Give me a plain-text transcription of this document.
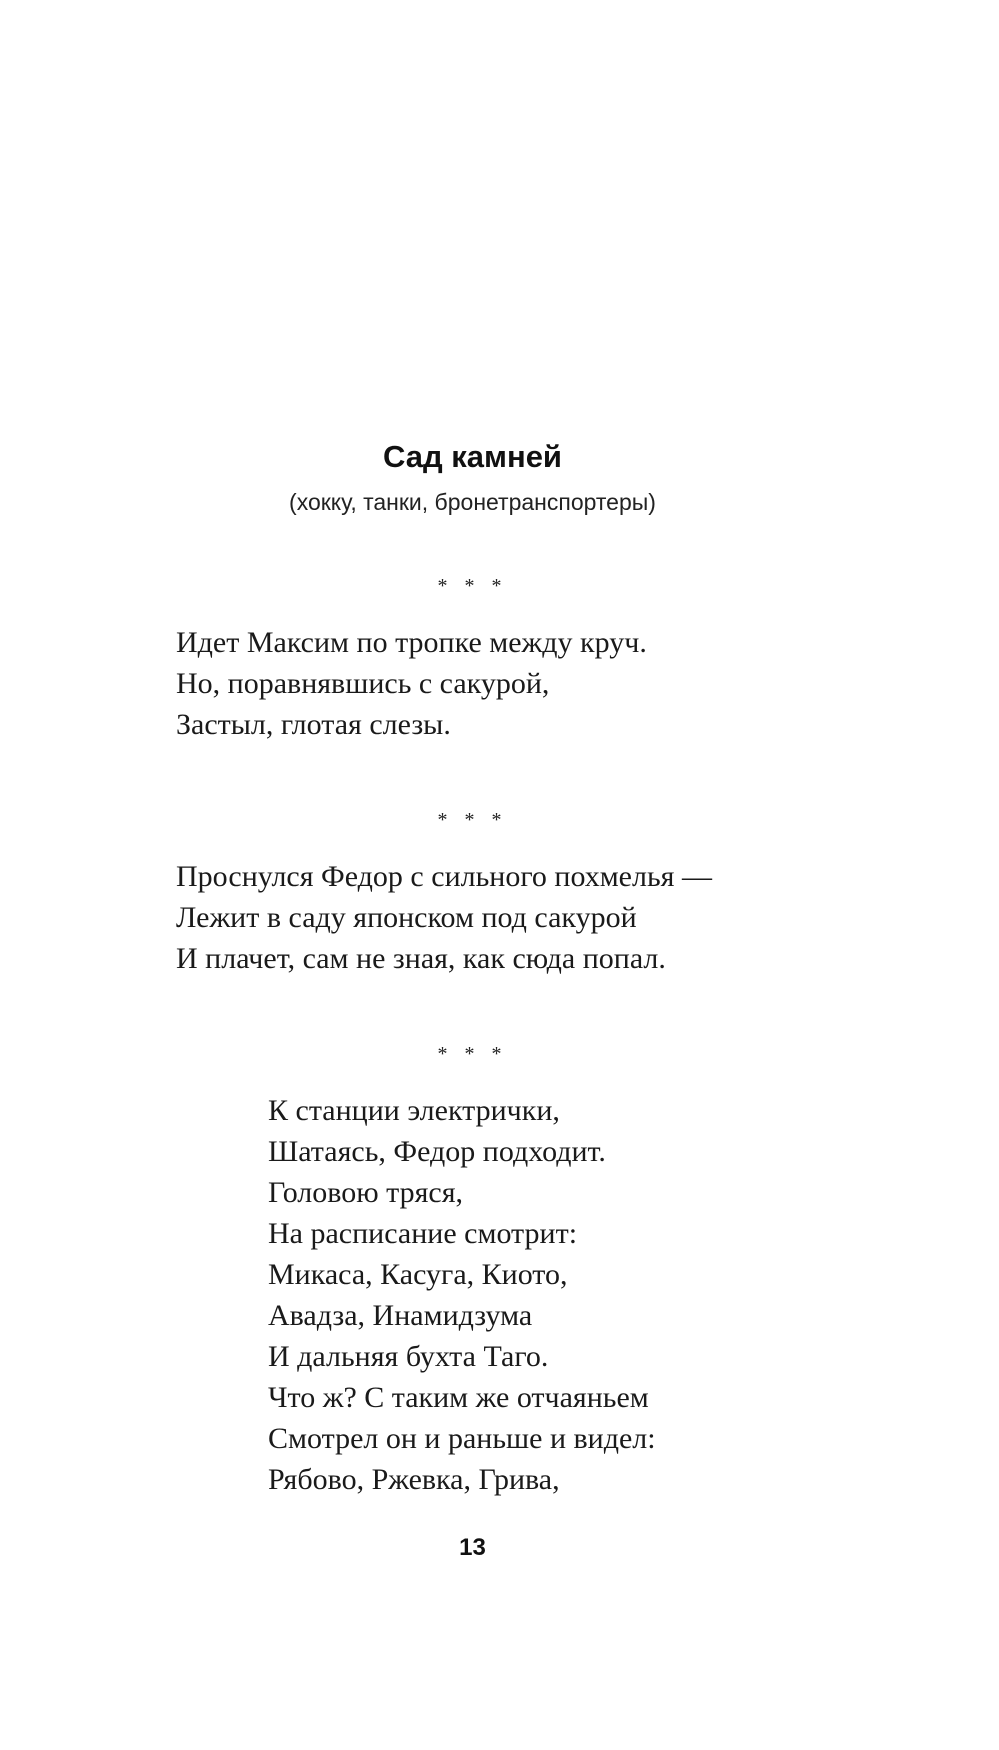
Сад камней
(хокку, танки, бронетранспортеры)
* * *
Идет Максим по тропке между круч.
Но, поравнявшись с сакурой,
Застыл, глотая слезы.
* * *
Проснулся Федор с сильного похмелья —
Лежит в саду японском под сакурой
И плачет, сам не зная, как сюда попал.
* * *
К станции электрички,
Шатаясь, Федор подходит.
Головою тряся,
На расписание смотрит:
Микаса, Касуга, Киото,
Авадза, Инамидзума
И дальняя бухта Таго.
Что ж? С таким же отчаяньем
Смотрел он и раньше и видел:
Рябово, Ржевка, Грива,
13
